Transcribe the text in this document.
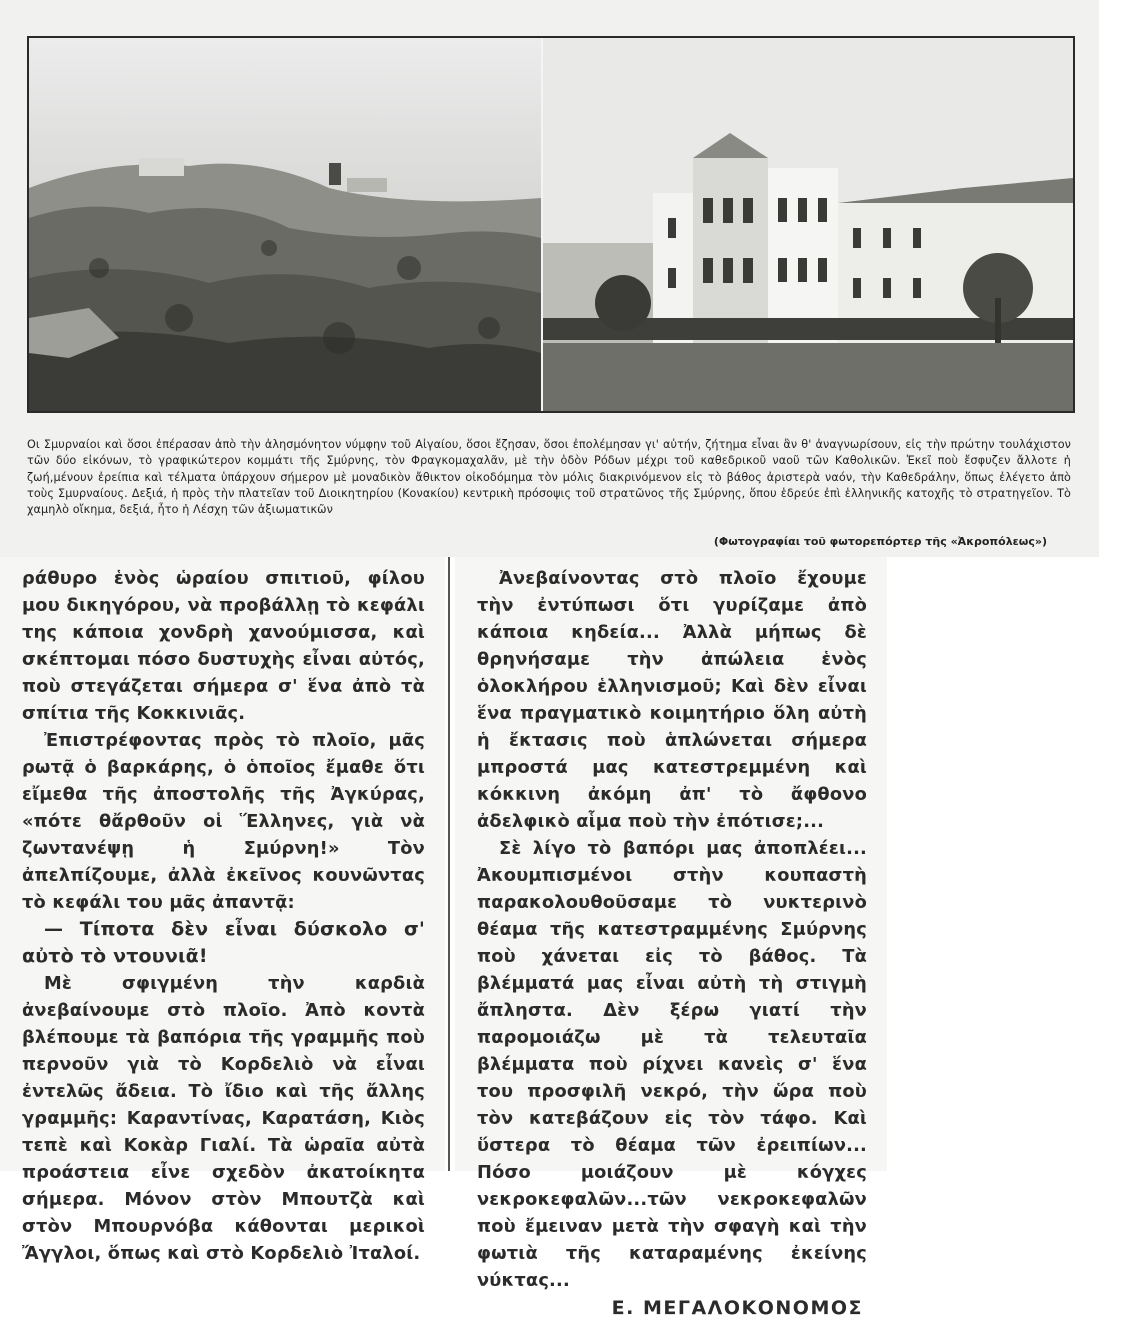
Οι Σμυρναίοι καὶ ὅσοι ἐπέρασαν ἀπὸ τὴν ἀλησμόνητον νύμφην τοῦ Αἰγαίου, ὅσοι ἔζησαν, ὅσοι ἐπολέμησαν γι' αὐτήν, ζήτημα εἶναι ἂν θ' ἀναγνωρίσουν, εἰς τὴν πρώτην τουλάχιστον τῶν δύο εἰκόνων, τὸ γραφικώτερον κομμάτι τῆς Σμύρνης, τὸν Φραγκομαχαλᾶν, μὲ τὴν ὁδὸν Ρόδων μέχρι τοῦ καθεδρικοῦ ναοῦ τῶν Καθολικῶν. Ἐκεῖ ποὺ ἔσφυζεν ἄλλοτε ἡ ζωή,μένουν ἐρείπια καὶ τέλματα ὑπάρχουν σήμερον μὲ μοναδικὸν ἄθικτον οἰκοδόμημα τὸν μόλις διακρινόμενον εἰς τὸ βάθος ἀριστερὰ ναόν, τὴν Καθεδράλην, ὅπως ἐλέγετο ἀπὸ τοὺς Σμυρναίους. Δεξιά, ἡ πρὸς τὴν πλατεῖαν τοῦ Διοικητηρίου (Κονακίου) κεντρικὴ πρόσοψις τοῦ στρατῶνος τῆς Σμύρνης, ὅπου ἑδρεύε ἐπὶ ἑλληνικῆς κατοχῆς τὸ στρατηγεῖον. Τὸ χαμηλὸ οἴκημα, δεξιά, ἦτο ἡ Λέσχη τῶν ἀξιωματικῶν
(Φωτογραφίαι τοῦ φωτορεπόρτερ τῆς «Ἀκροπόλεως»)

ράθυρο ἑνὸς ὡραίου σπιτιοῦ, φίλου μου δικηγόρου, νὰ προβάλλῃ τὸ κεφάλι της κάποια χονδρὴ χανούμισσα, καὶ σκέπτομαι πόσο δυστυχὴς εἶναι αὐτός, ποὺ στεγάζεται σήμερα σ' ἕνα ἀπὸ τὰ σπίτια τῆς Κοκκινιᾶς.

Ἐπιστρέφοντας πρὸς τὸ πλοῖο, μᾶς ρωτᾷ ὁ βαρκάρης, ὁ ὁποῖος ἔμαθε ὅτι εἴμεθα τῆς ἀποστολῆς τῆς Ἀγκύρας, «πότε θἄρθοῦν οἱ Ἕλληνες, γιὰ νὰ ζωντανέψῃ ἡ Σμύρνη!» Τὸν ἀπελπίζουμε, ἀλλὰ ἐκεῖνος κουνῶντας τὸ κεφάλι του μᾶς ἀπαντᾷ:

— Τίποτα δὲν εἶναι δύσκολο σ' αὐτὸ τὸ ντουνιᾶ!

Μὲ σφιγμένη τὴν καρδιὰ ἀνεβαίνουμε στὸ πλοῖο. Ἀπὸ κοντὰ βλέπουμε τὰ βαπόρια τῆς γραμμῆς ποὺ περνοῦν γιὰ τὸ Κορδελιὸ νὰ εἶναι ἐντελῶς ἄδεια. Τὸ ἴδιο καὶ τῆς ἄλλης γραμμῆς: Καραντίνας, Καρατάση, Κιὸς τεπὲ καὶ Κοκὰρ Γιαλί. Τὰ ὡραῖα αὐτὰ προάστεια εἶνε σχεδὸν ἀκατοίκητα σήμερα. Μόνον στὸν Μπουτζὰ καὶ στὸν Μπουρνόβα κάθονται μερικοὶ Ἄγγλοι, ὅπως καὶ στὸ Κορδελιὸ Ἰταλοί.

Ἀνεβαίνοντας στὸ πλοῖο ἔχουμε τὴν ἐντύπωσι ὅτι γυρίζαμε ἀπὸ κάποια κηδεία... Ἀλλὰ μήπως δὲ θρηνήσαμε τὴν ἀπώλεια ἑνὸς ὁλοκλήρου ἑλληνισμοῦ; Καὶ δὲν εἶναι ἕνα πραγματικὸ κοιμητήριο ὅλη αὐτὴ ἡ ἔκτασις ποὺ ἁπλώνεται σήμερα μπροστά μας κατεστρεμμένη καὶ κόκκινη ἀκόμη ἀπ' τὸ ἄφθονο ἀδελφικὸ αἷμα ποὺ τὴν ἐπότισε;...

Σὲ λίγο τὸ βαπόρι μας ἀποπλέει... Ἀκουμπισμένοι στὴν κουπαστὴ παρακολουθοῦσαμε τὸ νυκτερινὸ θέαμα τῆς κατεστραμμένης Σμύρνης ποὺ χάνεται εἰς τὸ βάθος. Τὰ βλέμματά μας εἶναι αὐτὴ τὴ στιγμὴ ἄπληστα. Δὲν ξέρω γιατί τὴν παρομοιάζω μὲ τὰ τελευταῖα βλέμματα ποὺ ρίχνει κανεὶς σ' ἕνα του προσφιλῆ νεκρό, τὴν ὥρα ποὺ τὸν κατεβάζουν εἰς τὸν τάφο. Καὶ ὕστερα τὸ θέαμα τῶν ἐρειπίων... Πόσο μοιάζουν μὲ κόγχες νεκροκεφαλῶν...τῶν νεκροκεφαλῶν ποὺ ἔμειναν μετὰ τὴν σφαγὴ καὶ τὴν φωτιὰ τῆς καταραμένης ἐκείνης νύκτας...

Ε. ΜΕΓΑΛΟΚΟΝΟΜΟΣ
